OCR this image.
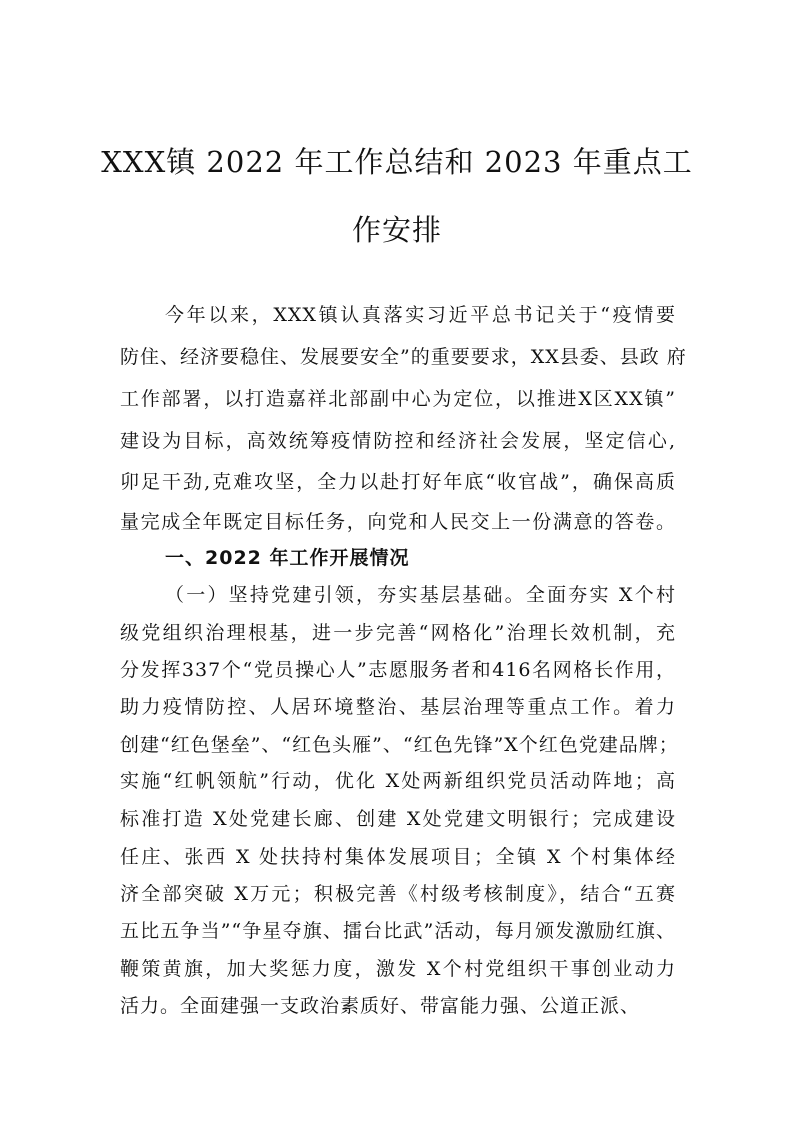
XXX镇 2022 年工作总结和 2023 年重点工
作安排
今年以来，XXX镇认真落实习近平总书记关于“疫情要
防住、经济要稳住、发展要安全”的重要要求，XX县委、县政 府
工作部署，以打造嘉祥北部副中心为定位，以推进X区XX镇”
建设为目标，高效统筹疫情防控和经济社会发展，坚定信心,
卯足干劲,克难攻坚，全力以赴打好年底“收官战”，确保高质
量完成全年既定目标任务，向党和人民交上一份满意的答卷。
一、2022 年工作开展情况
（一）坚持党建引领，夯实基层基础。全面夯实 X个村
级党组织治理根基，进一步完善“网格化”治理长效机制，充
分发挥337个“党员操心人”志愿服务者和416名网格长作用，
助力疫情防控、人居环境整治、基层治理等重点工作。着力
创建“红色堡垒”、“红色头雁”、“红色先锋”X个红色党建品牌；
实施“红帆领航”行动，优化 X处两新组织党员活动阵地；高
标准打造 X处党建长廊、创建 X处党建文明银行；完成建设
任庄、张西 X 处扶持村集体发展项目；全镇 X 个村集体经
济全部突破 X万元；积极完善《村级考核制度》，结合“五赛
五比五争当”“争星夺旗、擂台比武”活动，每月颁发激励红旗、
鞭策黄旗，加大奖惩力度，激发 X个村党组织干事创业动力
活力。全面建强一支政治素质好、带富能力强、公道正派、
